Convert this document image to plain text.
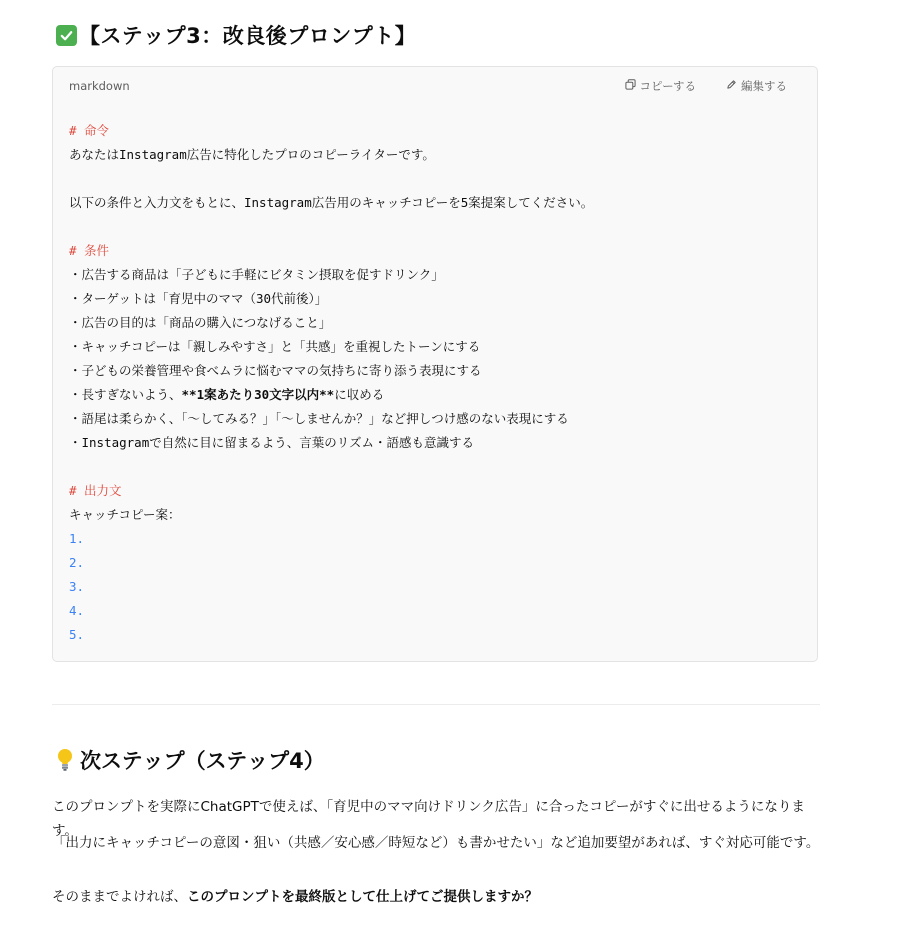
【ステップ3：改良後プロンプト】
markdown	コピーする	編集する
# 命令
あなたはInstagram広告に特化したプロのコピーライターです。
以下の条件と入力文をもとに、Instagram広告用のキャッチコピーを5案提案してください。
# 条件
・広告する商品は「子どもに手軽にビタミン摂取を促すドリンク」
・ターゲットは「育児中のママ（30代前後）」
・広告の目的は「商品の購入につなげること」
・キャッチコピーは「親しみやすさ」と「共感」を重視したトーンにする
・子どもの栄養管理や食べムラに悩むママの気持ちに寄り添う表現にする
・長すぎないよう、**1案あたり30文字以内**に収める
・語尾は柔らかく、「〜してみる？」「〜しませんか？」など押しつけ感のない表現にする
・Instagramで自然に目に留まるよう、言葉のリズム・語感も意識する
# 出力文
キャッチコピー案：
1.
2.
3.
4.
5.
次ステップ（ステップ4）
このプロンプトを実際にChatGPTで使えば、「育児中のママ向けドリンク広告」に合ったコピーがすぐに出せるようになります。
「出力にキャッチコピーの意図・狙い（共感／安心感／時短など）も書かせたい」など追加要望があれば、すぐ対応可能です。
そのままでよければ、このプロンプトを最終版として仕上げてご提供しますか？
